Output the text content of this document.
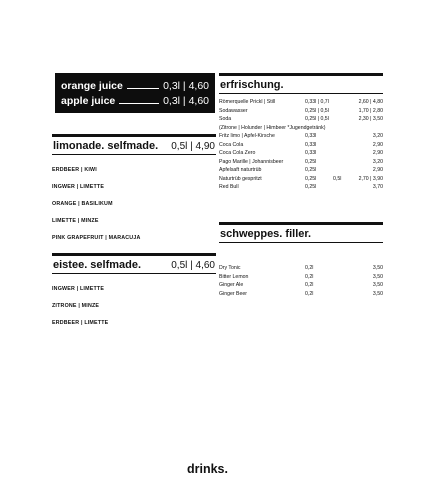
orange juice	0,3l | 4,60
apple juice	0,3l | 4,60
limonade. selfmade. 0,5l | 4,90
ERDBEER | KIWI
INGWER | LIMETTE
ORANGE | BASILIKUM
LIMETTE | MINZE
PINK GRAPEFRUIT | MARACUJA
eistee. selfmade.	0,5l | 4,60
INGWER | LIMETTE
ZITRONE | MINZE
ERDBEER | LIMETTE
erfrischung.
Römerquelle Prickl | Still	0,33l | 0,7l		2,60 | 4,80
Sodawasser	0,25l | 0,5l		1,70 | 2,80
Soda	0,25l | 0,5l		2,30 | 3,50
(Zitrone | Holunder | Himbeer *Jugendgetränk)			
Fritz limo | Apfel-Kirsche	0,33l		3,20
Coca Cola	0,33l		2,90
Coca Cola Zero	0,33l		2,90
Pago Marille | Johannisbeer	0,25l		3,20
Apfelsaft naturtrüb	0,25l		2,90
Naturtrüb gespritzt	0,25l	0,5l	2,70 | 3,90
Red Bull	0,25l		3,70
schweppes. filler.
Dry Tonic	0,2l		3,50
Bitter Lemon	0,2l		3,50
Ginger Ale	0,2l		3,50
Ginger Beer	0,2l		3,50
drinks.
